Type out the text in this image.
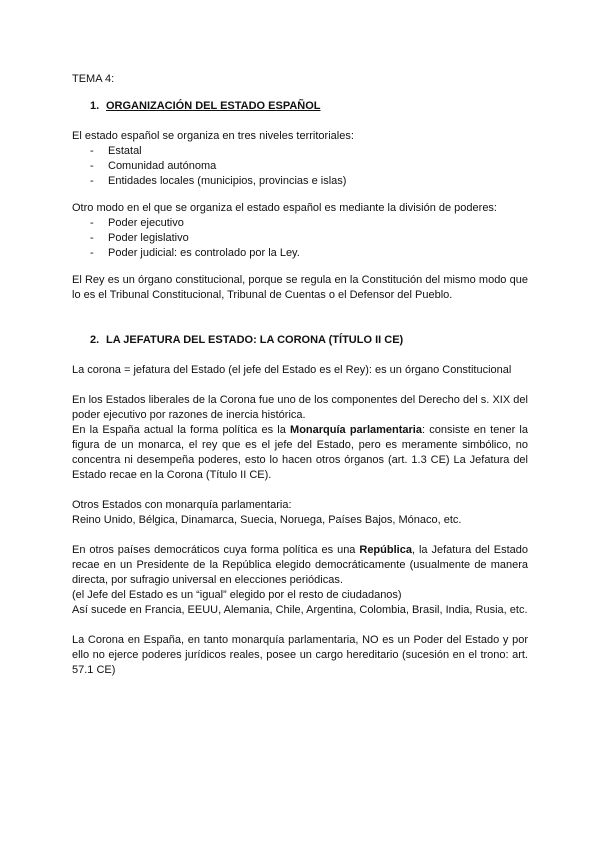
TEMA 4:

1. ORGANIZACIÓN DEL ESTADO ESPAÑOL

El estado español se organiza en tres niveles territoriales:

- Estatal
- Comunidad autónoma
- Entidades locales (municipios, provincias e islas)

Otro modo en el que se organiza el estado español es mediante la división de poderes:

- Poder ejecutivo
- Poder legislativo
- Poder judicial: es controlado por la Ley.

El Rey es un órgano constitucional, porque se regula en la Constitución del mismo modo que lo es el Tribunal Constitucional, Tribunal de Cuentas o el Defensor del Pueblo.

2. LA JEFATURA DEL ESTADO: LA CORONA (TÍTULO II CE)

La corona = jefatura del Estado (el jefe del Estado es el Rey): es un órgano Constitucional

En los Estados liberales de la Corona fue uno de los componentes del Derecho del s. XIX del poder ejecutivo por razones de inercia histórica.

En la España actual la forma política es la Monarquía parlamentaria: consiste en tener la figura de un monarca, el rey que es el jefe del Estado, pero es meramente simbólico, no concentra ni desempeña poderes, esto lo hacen otros órganos (art. 1.3 CE) La Jefatura del Estado recae en la Corona (Título II CE).

Otros Estados con monarquía parlamentaria:

Reino Unido, Bélgica, Dinamarca, Suecia, Noruega, Países Bajos, Mónaco, etc.

En otros países democráticos cuya forma política es una República, la Jefatura del Estado recae en un Presidente de la República elegido democráticamente (usualmente de manera directa, por sufragio universal en elecciones periódicas.

(el Jefe del Estado es un “igual” elegido por el resto de ciudadanos)

Así sucede en Francia, EEUU, Alemania, Chile, Argentina, Colombia, Brasil, India, Rusia, etc.

La Corona en España, en tanto monarquía parlamentaria, NO es un Poder del Estado y por ello no ejerce poderes jurídicos reales, posee un cargo hereditario (sucesión en el trono: art. 57.1 CE)
